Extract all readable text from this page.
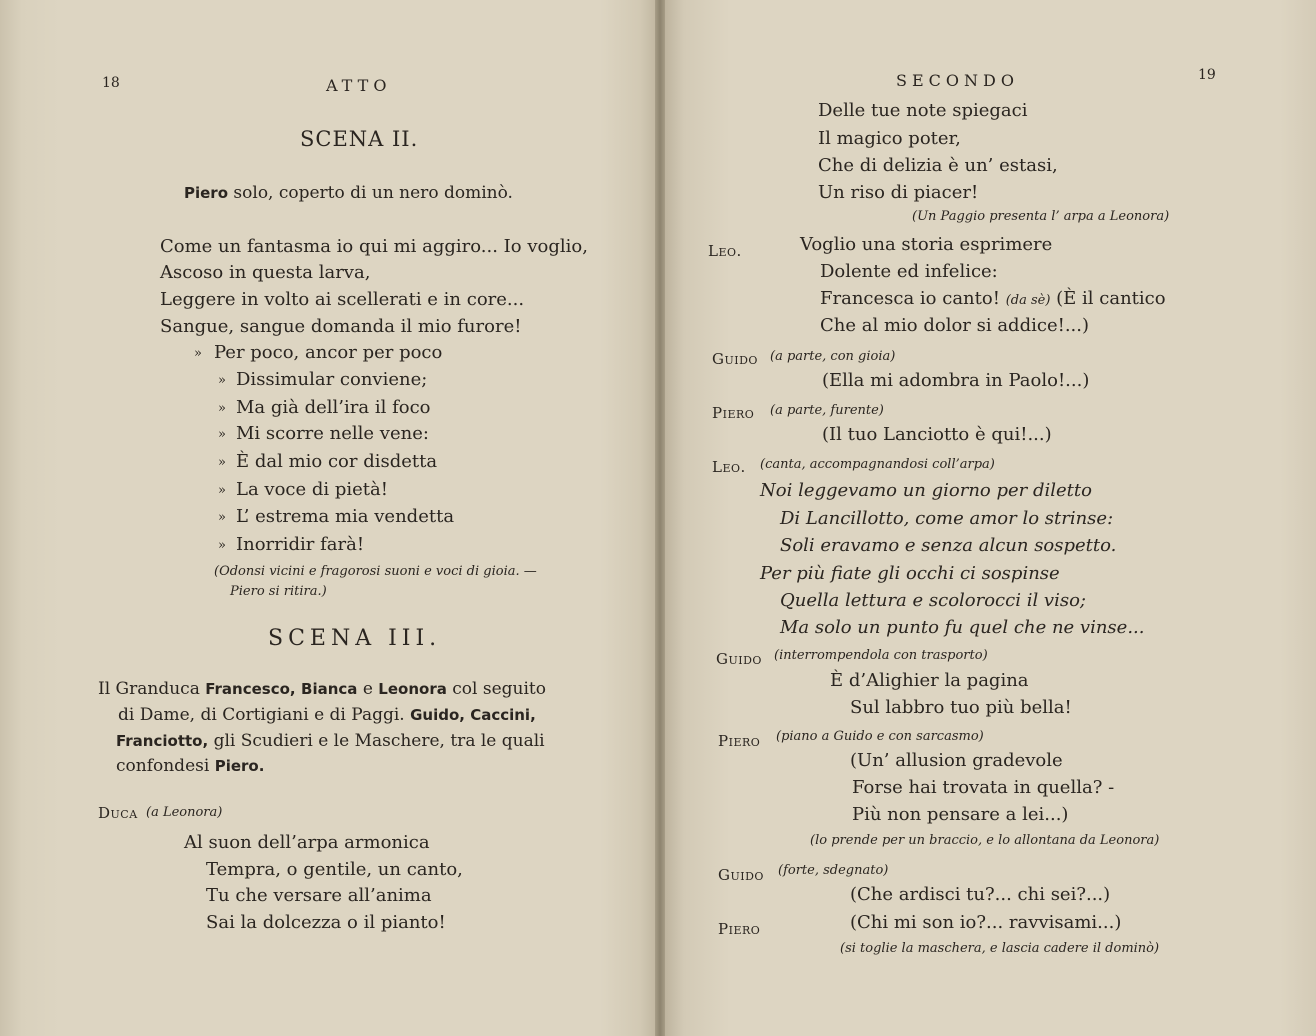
18	ATTO
SCENA II.
Piero solo, coperto di un nero dominò.
Come un fantasma io qui mi aggiro... Io voglio,
Ascoso in questa larva,
Leggere in volto ai scellerati e in core...
Sangue, sangue domanda il mio furore!
» Per poco, ancor per poco
» Dissimular conviene;
» Ma già dell’ira il foco
» Mi scorre nelle vene:
» È dal mio cor disdetta
» La voce di pietà!
» L’ estrema mia vendetta
» Inorridir farà!
(Odonsi vicini e fragorosi suoni e voci di gioia. —
Piero si ritira.)
SCENA III.
Il Granduca Francesco, Bianca e Leonora col seguito
di Dame, di Cortigiani e di Paggi. Guido, Caccini,
Franciotto, gli Scudieri e le Maschere, tra le quali
confondesi Piero.
Duca (a Leonora)
Al suon dell’arpa armonica
Tempra, o gentile, un canto,
Tu che versare all’anima
Sai la dolcezza o il pianto!
SECONDO	19
Delle tue note spiegaci
Il magico poter,
Che di delizia è un’ estasi,
Un riso di piacer!
(Un Paggio presenta l’ arpa a Leonora)
Leo.	Voglio una storia esprimere
Dolente ed infelice:
Francesca io canto! (da sè) (È il cantico
Che al mio dolor si addice!...)
Guido (a parte, con gioia)
(Ella mi adombra in Paolo!...)
Piero (a parte, furente)
(Il tuo Lanciotto è qui!...)
Leo. (canta, accompagnandosi coll’arpa)
Noi leggevamo un giorno per diletto
Di Lancillotto, come amor lo strinse:
Soli eravamo e senza alcun sospetto.
Per più fiate gli occhi ci sospinse
Quella lettura e scolorocci il viso;
Ma solo un punto fu quel che ne vinse...
Guido (interrompendola con trasporto)
È d’Alighier la pagina
Sul labbro tuo più bella!
Piero (piano a Guido e con sarcasmo)
(Un’ allusion gradevole
Forse hai trovata in quella? -
Più non pensare a lei...)
(lo prende per un braccio, e lo allontana da Leonora)
Guido (forte, sdegnato)
(Che ardisci tu?... chi sei?...)
Piero	(Chi mi son io?... ravvisami...)
(si toglie la maschera, e lascia cadere il dominò)
